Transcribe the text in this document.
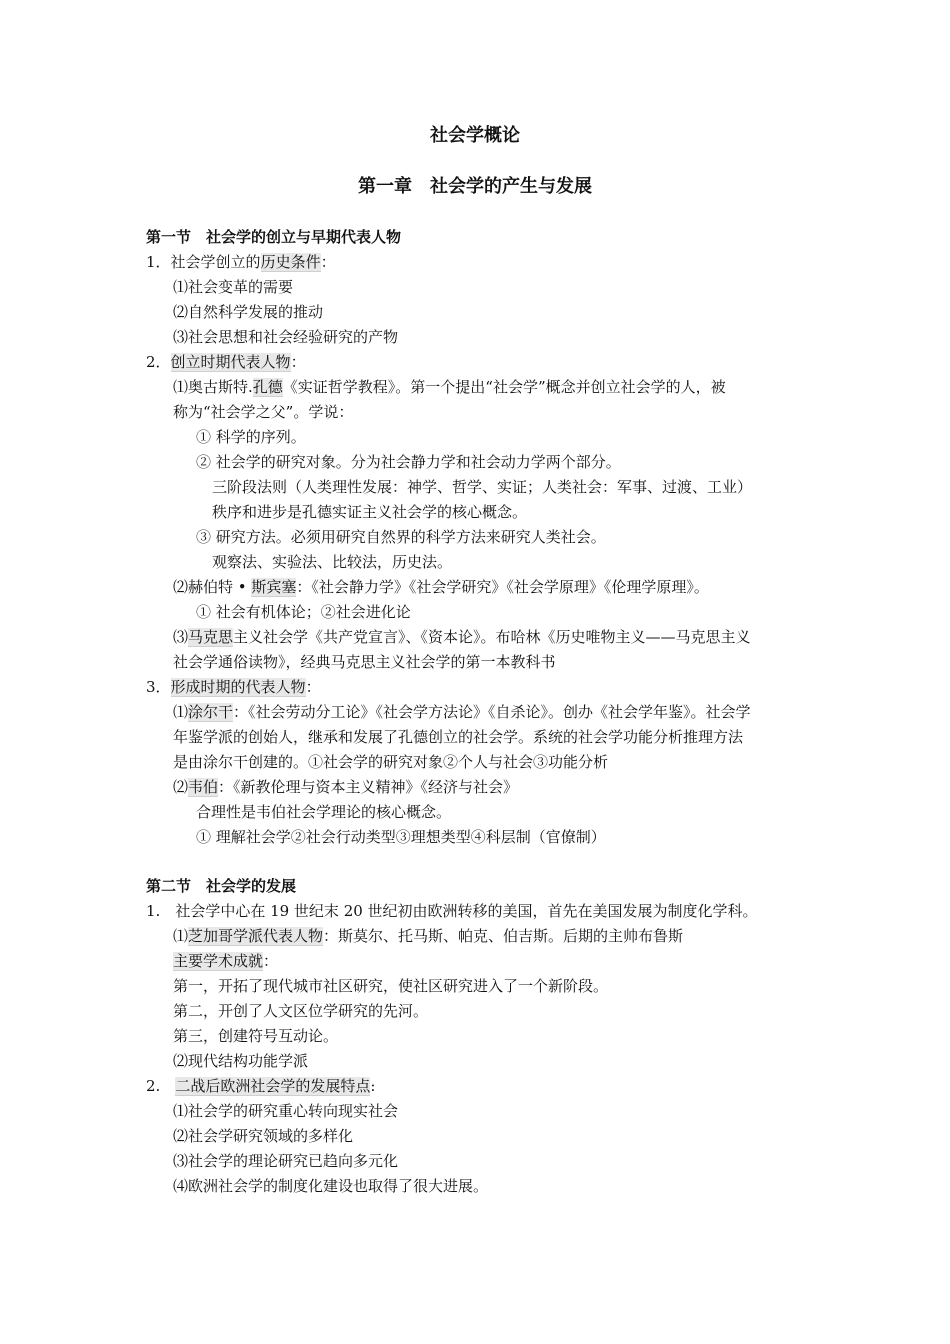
社会学概论
第一章　社会学的产生与发展
第一节 社会学的创立与早期代表人物
1．社会学创立的历史条件：
⑴社会变革的需要
⑵自然科学发展的推动
⑶社会思想和社会经验研究的产物
2．创立时期代表人物：
⑴奥古斯特.孔德《实证哲学教程》。第一个提出“社会学”概念并创立社会学的人，被
称为“社会学之父”。学说：
① 科学的序列。
② 社会学的研究对象。分为社会静力学和社会动力学两个部分。
三阶段法则（人类理性发展：神学、哲学、实证；人类社会：军事、过渡、工业）
秩序和进步是孔德实证主义社会学的核心概念。
③ 研究方法。必须用研究自然界的科学方法来研究人类社会。
观察法、实验法、比较法，历史法。
⑵赫伯特 • 斯宾塞：《社会静力学》《社会学研究》《社会学原理》《伦理学原理》。
① 社会有机体论；②社会进化论
⑶马克思主义社会学《共产党宣言》、《资本论》。布哈林《历史唯物主义——马克思主义
社会学通俗读物》，经典马克思主义社会学的第一本教科书
3．形成时期的代表人物：
⑴涂尔干：《社会劳动分工论》《社会学方法论》《自杀论》。创办《社会学年鉴》。社会学
年鉴学派的创始人，继承和发展了孔德创立的社会学。系统的社会学功能分析推理方法
是由涂尔干创建的。①社会学的研究对象②个人与社会③功能分析
⑵韦伯：《新教伦理与资本主义精神》《经济与社会》
合理性是韦伯社会学理论的核心概念。
① 理解社会学②社会行动类型③理想类型④科层制（官僚制）
第二节 社会学的发展
1. 社会学中心在 19 世纪末 20 世纪初由欧洲转移的美国，首先在美国发展为制度化学科。
⑴芝加哥学派代表人物：斯莫尔、托马斯、帕克、伯吉斯。后期的主帅布鲁斯
主要学术成就：
第一，开拓了现代城市社区研究，使社区研究进入了一个新阶段。
第二，开创了人文区位学研究的先河。
第三，创建符号互动论。
⑵现代结构功能学派
2. 二战后欧洲社会学的发展特点:
⑴社会学的研究重心转向现实社会
⑵社会学研究领域的多样化
⑶社会学的理论研究已趋向多元化
⑷欧洲社会学的制度化建设也取得了很大进展。
